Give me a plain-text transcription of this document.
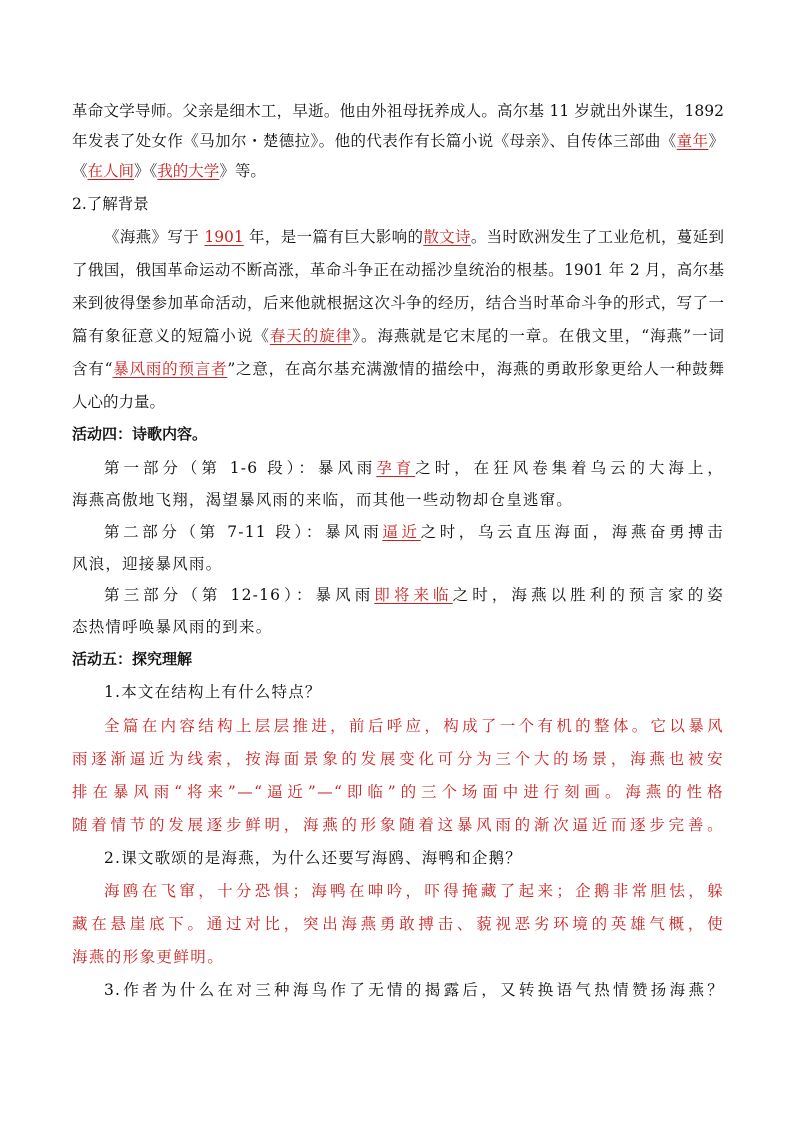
革命文学导师。父亲是细木工，早逝。他由外祖母抚养成人。高尔基 11 岁就出外谋生，1892
年发表了处女作《马加尔・楚德拉》。他的代表作有长篇小说《母亲》、自传体三部曲《童年》
《在人间》《我的大学》等。
2.了解背景
《海燕》写于 1901 年，是一篇有巨大影响的散文诗。当时欧洲发生了工业危机，蔓延到
了俄国，俄国革命运动不断高涨，革命斗争正在动摇沙皇统治的根基。1901 年 2 月，高尔基
来到彼得堡参加革命活动，后来他就根据这次斗争的经历，结合当时革命斗争的形式，写了一
篇有象征意义的短篇小说《春天的旋律》。海燕就是它末尾的一章。在俄文里，“海燕”一词
含有“暴风雨的预言者”之意，在高尔基充满激情的描绘中，海燕的勇敢形象更给人一种鼓舞
人心的力量。
活动四：诗歌内容。
第一部分（第 1-6 段）：暴风雨孕育之时，在狂风卷集着乌云的大海上，
海燕高傲地飞翔，渴望暴风雨的来临，而其他一些动物却仓皇逃窜。
第二部分（第 7-11 段）：暴风雨逼近之时，乌云直压海面，海燕奋勇搏击
风浪，迎接暴风雨。
第三部分（第 12-16）：暴风雨即将来临之时，海燕以胜利的预言家的姿
态热情呼唤暴风雨的到来。
活动五：探究理解
1.本文在结构上有什么特点？
全篇在内容结构上层层推进，前后呼应，构成了一个有机的整体。它以暴风
雨逐渐逼近为线索，按海面景象的发展变化可分为三个大的场景，海燕也被安
排在暴风雨“将来”—“逼近”—“即临”的三个场面中进行刻画。海燕的性格
随着情节的发展逐步鲜明，海燕的形象随着这暴风雨的渐次逼近而逐步完善。
2.课文歌颂的是海燕，为什么还要写海鸥、海鸭和企鹅？
海鸥在飞窜，十分恐惧；海鸭在呻吟，吓得掩藏了起来；企鹅非常胆怯，躲
藏在悬崖底下。通过对比，突出海燕勇敢搏击、藐视恶劣环境的英雄气概，使
海燕的形象更鲜明。
3.作者为什么在对三种海鸟作了无情的揭露后，又转换语气热情赞扬海燕？
